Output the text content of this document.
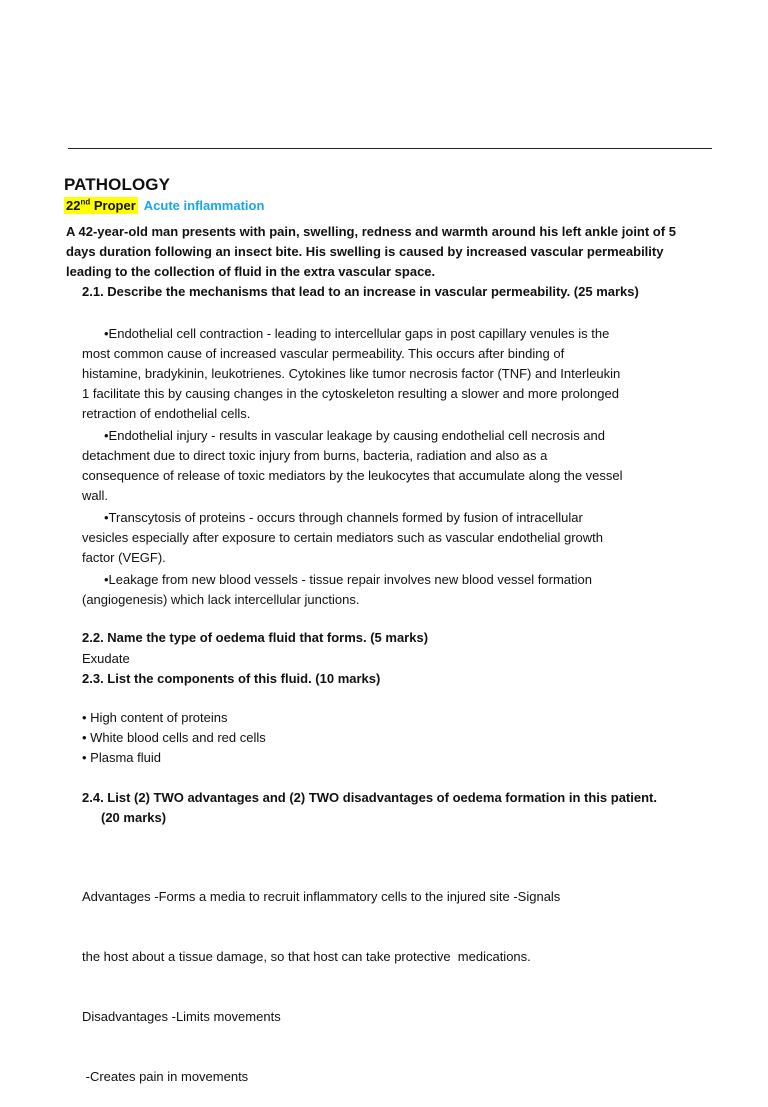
PATHOLOGY
22nd Proper Acute inflammation
A 42-year-old man presents with pain, swelling, redness and warmth around his left ankle joint of 5
days duration following an insect bite. His swelling is caused by increased vascular permeability
leading to the collection of fluid in the extra vascular space.
2.1. Describe the mechanisms that lead to an increase in vascular permeability. (25 marks)
•Endothelial cell contraction - leading to intercellular gaps in post capillary venules is the
most common cause of increased vascular permeability. This occurs after binding of
histamine, bradykinin, leukotrienes. Cytokines like tumor necrosis factor (TNF) and Interleukin
1 facilitate this by causing changes in the cytoskeleton resulting a slower and more prolonged
retraction of endothelial cells.
•Endothelial injury - results in vascular leakage by causing endothelial cell necrosis and
detachment due to direct toxic injury from burns, bacteria, radiation and also as a
consequence of release of toxic mediators by the leukocytes that accumulate along the vessel
wall.
•Transcytosis of proteins - occurs through channels formed by fusion of intracellular
vesicles especially after exposure to certain mediators such as vascular endothelial growth
factor (VEGF).
•Leakage from new blood vessels - tissue repair involves new blood vessel formation
(angiogenesis) which lack intercellular junctions.
2.2. Name the type of oedema fluid that forms. (5 marks)
Exudate
2.3. List the components of this fluid. (10 marks)
• High content of proteins
• White blood cells and red cells
• Plasma fluid
2.4. List (2) TWO advantages and (2) TWO disadvantages of oedema formation in this patient.
(20 marks)

Advantages -Forms a media to recruit inflammatory cells to the injured site -Signals

the host about a tissue damage, so that host can take protective  medications.

Disadvantages -Limits movements

-Creates pain in movements
